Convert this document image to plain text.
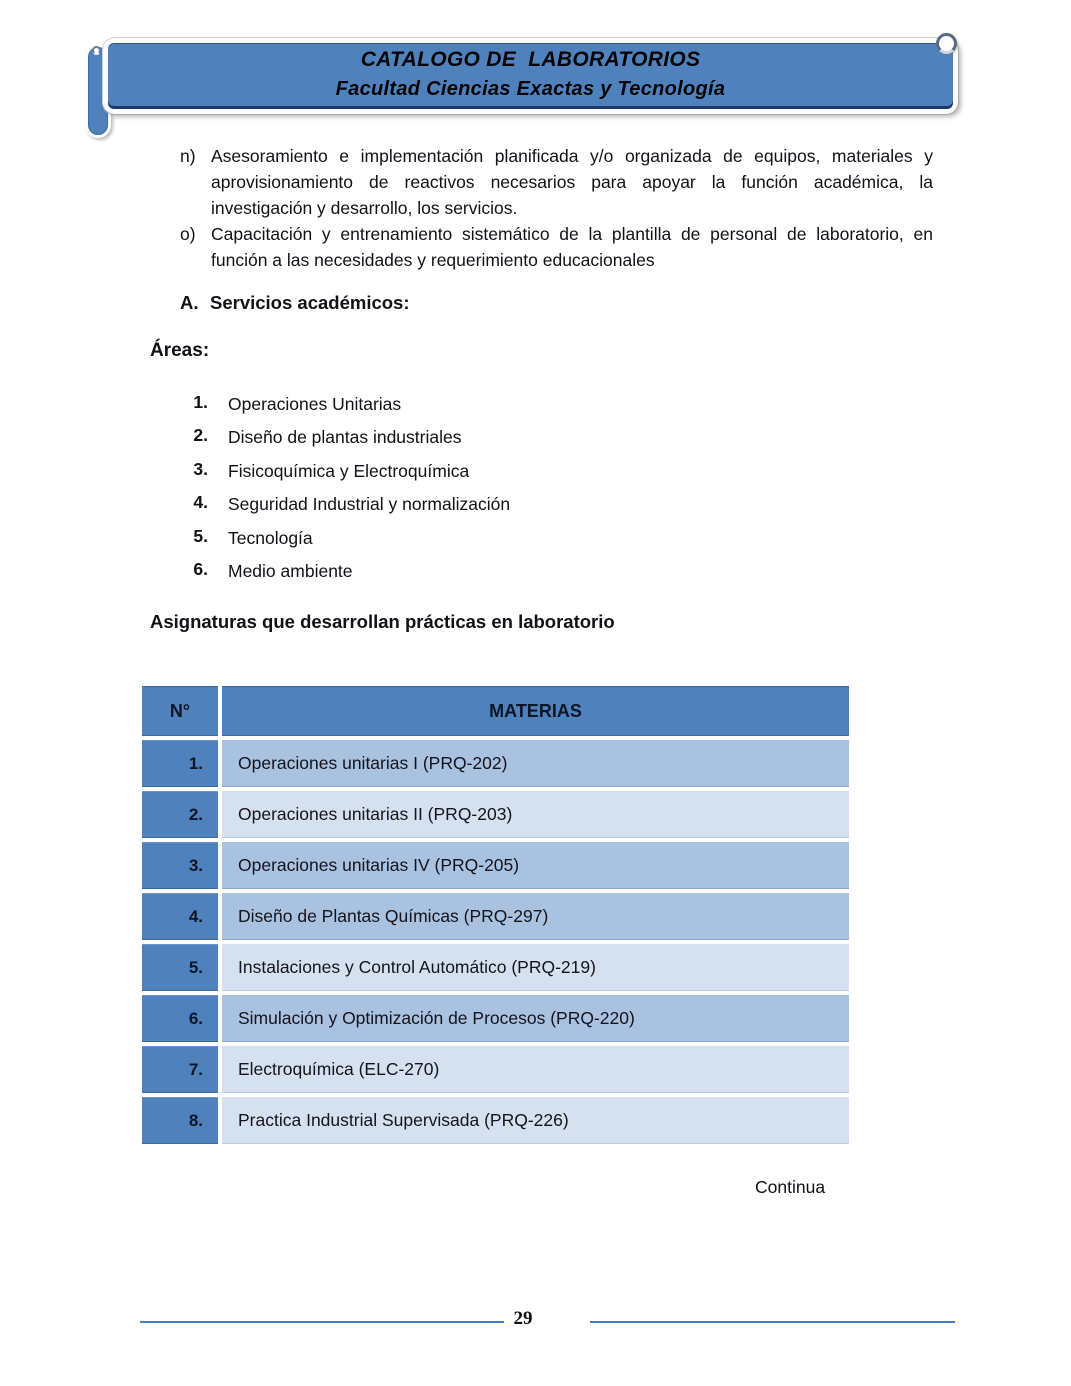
CATALOGO DE  LABORATORIOS
Facultad Ciencias Exactas y Tecnología
n) Asesoramiento e implementación planificada y/o organizada de equipos, materiales y aprovisionamiento de reactivos necesarios para apoyar la función académica, la investigación y desarrollo, los servicios.
o) Capacitación y entrenamiento sistemático de la plantilla de personal de laboratorio, en función a las necesidades y requerimiento educacionales
A. Servicios académicos:
Áreas:
1. Operaciones Unitarias
2. Diseño de plantas industriales
3. Fisicoquímica y Electroquímica
4. Seguridad Industrial y normalización
5. Tecnología
6. Medio ambiente
Asignaturas que desarrollan prácticas en laboratorio
N°	MATERIAS
1.	Operaciones unitarias I (PRQ-202)
2.	Operaciones unitarias II (PRQ-203)
3.	Operaciones unitarias IV (PRQ-205)
4.	Diseño de Plantas Químicas (PRQ-297)
5.	Instalaciones y Control Automático (PRQ-219)
6.	Simulación y Optimización de Procesos (PRQ-220)
7.	Electroquímica (ELC-270)
8.	Practica Industrial Supervisada (PRQ-226)
Continua
29
